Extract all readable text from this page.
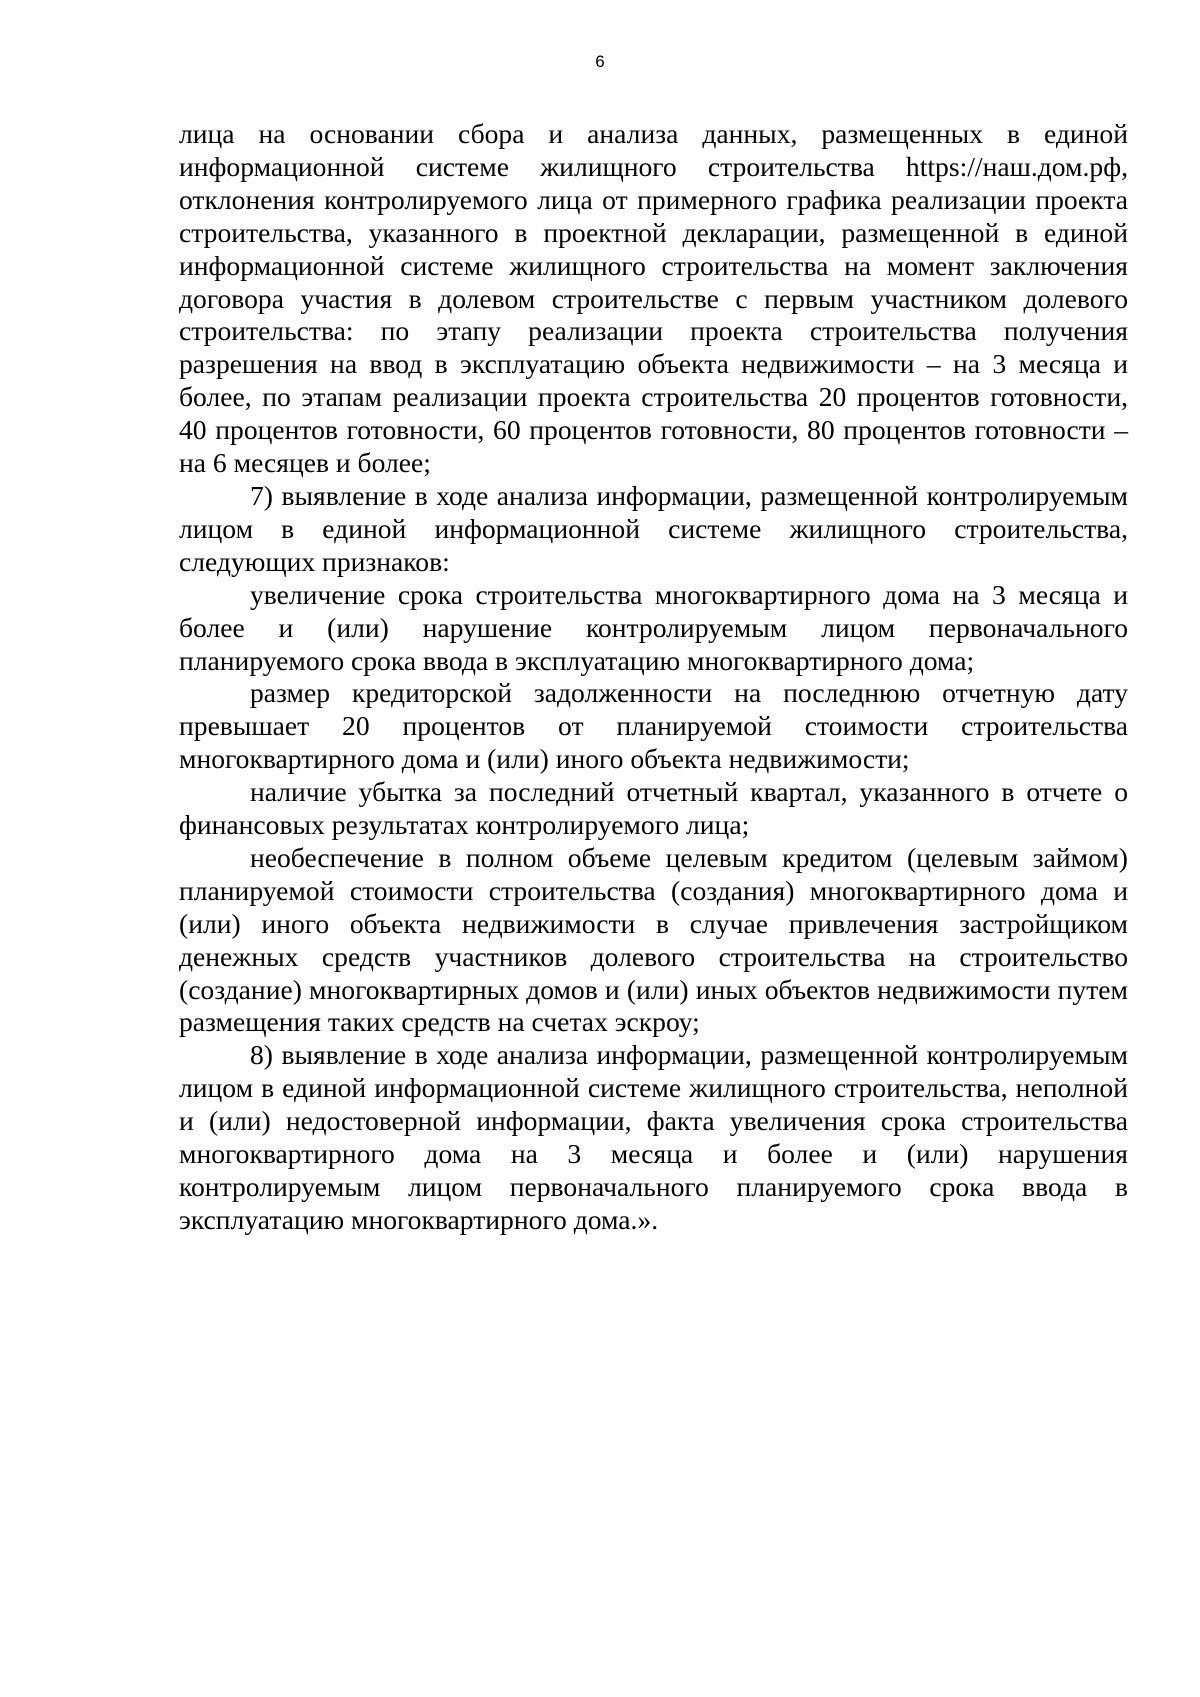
6

лица на основании сбора и анализа данных, размещенных в единой информационной системе жилищного строительства https://наш.дом.рф, отклонения контролируемого лица от примерного графика реализации проекта строительства, указанного в проектной декларации, размещенной в единой информационной системе жилищного строительства на момент заключения договора участия в долевом строительстве с первым участником долевого строительства: по этапу реализации проекта строительства получения разрешения на ввод в эксплуатацию объекта недвижимости – на 3 месяца и более, по этапам реализации проекта строительства 20 процентов готовности, 40 процентов готовности, 60 процентов готовности, 80 процентов готовности – на 6 месяцев и более;

7) выявление в ходе анализа информации, размещенной контролируемым лицом в единой информационной системе жилищного строительства, следующих признаков:

увеличение срока строительства многоквартирного дома на 3 месяца и более и (или) нарушение контролируемым лицом первоначального планируемого срока ввода в эксплуатацию многоквартирного дома;

размер кредиторской задолженности на последнюю отчетную дату превышает 20 процентов от планируемой стоимости строительства многоквартирного дома и (или) иного объекта недвижимости;

наличие убытка за последний отчетный квартал, указанного в отчете о финансовых результатах контролируемого лица;

необеспечение в полном объеме целевым кредитом (целевым займом) планируемой стоимости строительства (создания) многоквартирного дома и (или) иного объекта недвижимости в случае привлечения застройщиком денежных средств участников долевого строительства на строительство (создание) многоквартирных домов и (или) иных объектов недвижимости путем размещения таких средств на счетах эскроу;

8) выявление в ходе анализа информации, размещенной контролируемым лицом в единой информационной системе жилищного строительства, неполной и (или) недостоверной информации, факта увеличения срока строительства многоквартирного дома на 3 месяца и более и (или) нарушения контролируемым лицом первоначального планируемого срока ввода в эксплуатацию многоквартирного дома.».
